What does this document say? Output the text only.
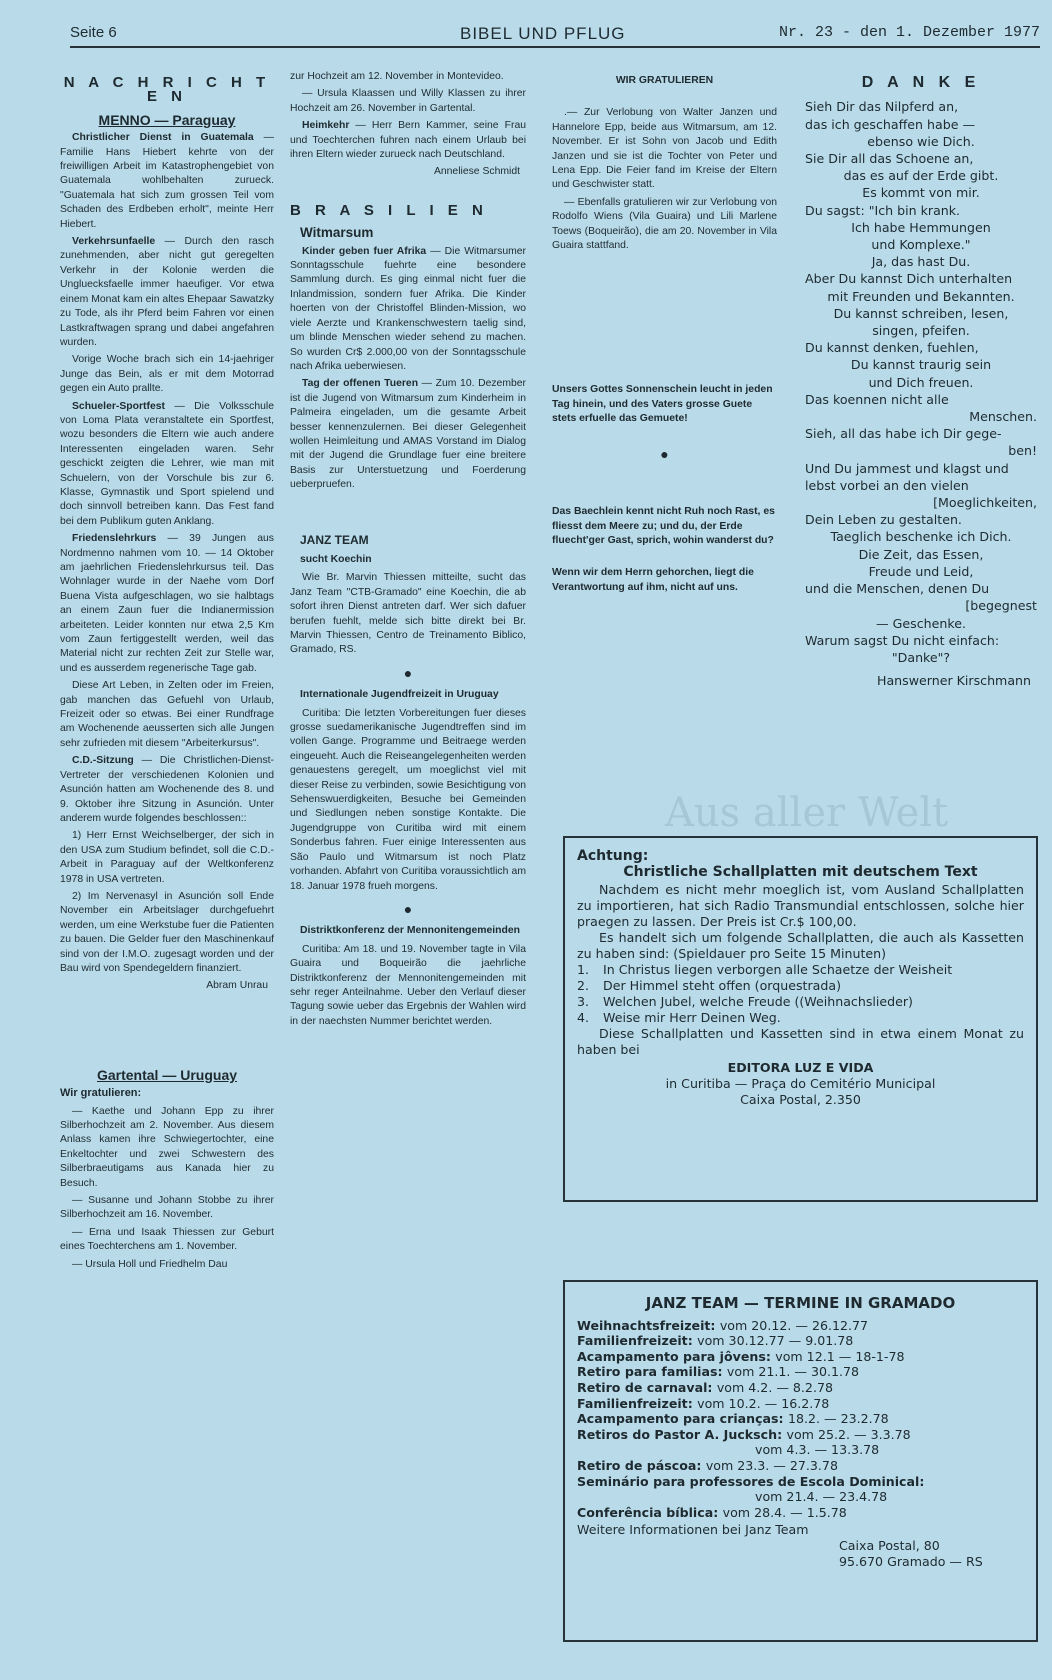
Seite 6	BIBEL UND PFLUG	Nr. 23 - den 1. Dezember 1977
N A C H R I C H T E N
MENNO — Paraguay

Christlicher Dienst in Guatemala — Familie Hans Hiebert kehrte von der freiwilligen Arbeit im Katastrophengebiet von Guatemala wohlbehalten zurueck. "Guatemala hat sich zum grossen Teil vom Schaden des Erdbeben erholt", meinte Herr Hiebert.

Verkehrsunfaelle — Durch den rasch zunehmenden, aber nicht gut geregelten Verkehr in der Kolonie werden die Ungluecksfaelle immer haeufiger. Vor etwa einem Monat kam ein altes Ehepaar Sawatzky zu Tode, als ihr Pferd beim Fahren vor einen Lastkraftwagen sprang und dabei angefahren wurden.

Vorige Woche brach sich ein 14-jaehriger Junge das Bein, als er mit dem Motorrad gegen ein Auto prallte.

Schueler-Sportfest — Die Volksschule von Loma Plata veranstaltete ein Sportfest, wozu besonders die Eltern wie auch andere Interessenten eingeladen waren. Sehr geschickt zeigten die Lehrer, wie man mit Schuelern, von der Vorschule bis zur 6. Klasse, Gymnastik und Sport spielend und doch sinnvoll betreiben kann. Das Fest fand bei dem Publikum guten Anklang.

Friedenslehrkurs — 39 Jungen aus Nordmenno nahmen vom 10. — 14 Oktober am jaehrlichen Friedenslehrkursus teil. Das Wohnlager wurde in der Naehe vom Dorf Buena Vista aufgeschlagen, wo sie halbtags an einem Zaun fuer die Indianermission arbeiteten. Leider konnten nur etwa 2,5 Km vom Zaun fertiggestellt werden, weil das Material nicht zur rechten Zeit zur Stelle war, und es ausserdem regenerische Tage gab.

Diese Art Leben, in Zelten oder im Freien, gab manchen das Gefuehl von Urlaub, Freizeit oder so etwas. Bei einer Rundfrage am Wochenende aeusserten sich alle Jungen sehr zufrieden mit diesem "Arbeiterkursus".

C.D.-Sitzung — Die Christlichen-Dienst-Vertreter der verschiedenen Kolonien und Asunción hatten am Wochenende des 8. und 9. Oktober ihre Sitzung in Asunción. Unter anderem wurde folgendes beschlossen::

1) Herr Ernst Weichselberger, der sich in den USA zum Studium befindet, soll die C.D.-Arbeit in Paraguay auf der Weltkonferenz 1978 in USA vertreten.

2) Im Nervenasyl in Asunción soll Ende November ein Arbeitslager durchgefuehrt werden, um eine Werkstube fuer die Patienten zu bauen. Die Gelder fuer den Maschinenkauf sind von der I.M.O. zugesagt worden und der Bau wird von Spendegeldern finanziert.

Abram Unrau
Gartental — Uruguay
Wir gratulieren:

— Kaethe und Johann Epp zu ihrer Silberhochzeit am 2. November. Aus diesem Anlass kamen ihre Schwiegertochter, eine Enkeltochter und zwei Schwestern des Silberbraeutigams aus Kanada hier zu Besuch.

— Susanne und Johann Stobbe zu ihrer Silberhochzeit am 16. November.

— Erna und Isaak Thiessen zur Geburt eines Toechterchens am 1. November.

— Ursula Holl und Friedhelm Dau

zur Hochzeit am 12. November in Montevideo.

— Ursula Klaassen und Willy Klassen zu ihrer Hochzeit am 26. November in Gartental.

Heimkehr — Herr Bern Kammer, seine Frau und Toechterchen fuhren nach einem Urlaub bei ihren Eltern wieder zurueck nach Deutschland.

Anneliese Schmidt
B R A S I L I E N
Witmarsum

Kinder geben fuer Afrika — Die Witmarsumer Sonntagsschule fuehrte eine besondere Sammlung durch. Es ging einmal nicht fuer die Inlandmission, sondern fuer Afrika. Die Kinder hoerten von der Christoffel Blinden-Mission, wo viele Aerzte und Krankenschwestern taelig sind, um blinde Menschen wieder sehend zu machen. So wurden Cr$ 2.000,00 von der Sonntagsschule nach Afrika ueberwiesen.

Tag der offenen Tueren — Zum 10. Dezember ist die Jugend von Witmarsum zum Kinderheim in Palmeira eingeladen, um die gesamte Arbeit besser kennenzulernen. Bei dieser Gelegenheit wollen Heimleitung und AMAS Vorstand im Dialog mit der Jugend die Grundlage fuer eine breitere Basis zur Unterstuetzung und Foerderung ueberpruefen.

JANZ TEAM
sucht Koechin

Wie Br. Marvin Thiessen mitteilte, sucht das Janz Team "CTB-Gramado" eine Koechin, die ab sofort ihren Dienst antreten darf. Wer sich dafuer berufen fuehlt, melde sich bitte direkt bei Br. Marvin Thiessen, Centro de Treinamento Biblico, Gramado, RS.

●
Internationale Jugendfreizeit in Uruguay

Curitiba: Die letzten Vorbereitungen fuer dieses grosse suedamerikanische Jugendtreffen sind im vollen Gange. Programme und Beitraege werden eingeueht. Auch die Reiseangelegenheiten werden genauestens geregelt, um moeglichst viel mit dieser Reise zu verbinden, sowie Besichtigung von Sehenswuerdigkeiten, Besuche bei Gemeinden und Siedlungen neben sonstige Kontakte. Die Jugendgruppe von Curitiba wird mit einem Sonderbus fahren. Fuer einige Interessenten aus São Paulo und Witmarsum ist noch Platz vorhanden. Abfahrt von Curitiba voraussichtlich am 18. Januar 1978 frueh morgens.

●
Distriktkonferenz der Mennonitengemeinden

Curitiba: Am 18. und 19. November tagte in Vila Guaira und Boqueirão die jaehrliche Distriktkonferenz der Mennonitengemeinden mit sehr reger Anteilnahme. Ueber den Verlauf dieser Tagung sowie ueber das Ergebnis der Wahlen wird in der naechsten Nummer berichtet werden.

WIR GRATULIEREN

.— Zur Verlobung von Walter Janzen und Hannelore Epp, beide aus Witmarsum, am 12. November. Er ist Sohn von Jacob und Edith Janzen und sie ist die Tochter von Peter und Lena Epp. Die Feier fand im Kreise der Eltern und Geschwister statt.

— Ebenfalls gratulieren wir zur Verlobung von Rodolfo Wiens (Vila Guaira) und Lili Marlene Toews (Boqueirão), die am 20. November in Vila Guaira stattfand.

Unsers Gottes Sonnenschein leucht in jeden Tag hinein, und des Vaters grosse Guete stets erfuelle das Gemuete!
●
Das Baechlein kennt nicht Ruh noch Rast, es fliesst dem Meere zu; und du, der Erde fluecht'ger Gast, sprich, wohin wanderst du?
Wenn wir dem Herrn gehorchen, liegt die Verantwortung auf ihm, nicht auf uns.
D A N K E
Sieh Dir das Nilpferd an,
das ich geschaffen habe —
ebenso wie Dich.
Sie Dir all das Schoene an,
das es auf der Erde gibt.
Es kommt von mir.
Du sagst: "Ich bin krank.
Ich habe Hemmungen
und Komplexe."
Ja, das hast Du.
Aber Du kannst Dich unterhalten
mit Freunden und Bekannten.
Du kannst schreiben, lesen,
singen, pfeifen.
Du kannst denken, fuehlen,
Du kannst traurig sein
und Dich freuen.
Das koennen nicht alle
Menschen.
Sieh, all das habe ich Dir gege-
ben!
Und Du jammest und klagst und
lebst vorbei an den vielen
[Moeglichkeiten,
Dein Leben zu gestalten.
Taeglich beschenke ich Dich.
Die Zeit, das Essen,
Freude und Leid,
und die Menschen, denen Du
[begegnest
— Geschenke.
Warum sagst Du nicht einfach:
"Danke"?
Hanswerner Kirschmann
Aus aller Welt
Achtung:
Christliche Schallplatten mit deutschem Text

Nachdem es nicht mehr moeglich ist, vom Ausland Schallplatten zu importieren, hat sich Radio Transmundial entschlossen, solche hier praegen zu lassen. Der Preis ist Cr.$ 100,00.

Es handelt sich um folgende Schallplatten, die auch als Kassetten zu haben sind: (Spieldauer pro Seite 15 Minuten)

1.	In Christus liegen verborgen alle Schaetze der Weisheit
2.	Der Himmel steht offen (orquestrada)
3.	Welchen Jubel, welche Freude ((Weihnachslieder)
4.	Weise mir Herr Deinen Weg.

Diese Schallplatten und Kassetten sind in etwa einem Monat zu haben bei

EDITORA LUZ E VIDA
in Curitiba — Praça do Cemitério Municipal
Caixa Postal, 2.350
JANZ TEAM — TERMINE IN GRAMADO
Weihnachtsfreizeit: vom 20.12. — 26.12.77
Familienfreizeit: vom 30.12.77 — 9.01.78
Acampamento para jôvens: vom 12.1 — 18-1-78
Retiro para familias: vom 21.1. — 30.1.78
Retiro de carnaval: vom 4.2. — 8.2.78
Familienfreizeit: vom 10.2. — 16.2.78
Acampamento para crianças: 18.2. — 23.2.78
Retiros do Pastor A. Jucksch: vom 25.2. — 3.3.78
vom 4.3. — 13.3.78
Retiro de páscoa: vom 23.3. — 27.3.78
Seminário para professores de Escola Dominical:
vom 21.4. — 23.4.78
Conferência bíblica: vom 28.4. — 1.5.78
Weitere Informationen bei Janz Team
Caixa Postal, 80
95.670 Gramado — RS
